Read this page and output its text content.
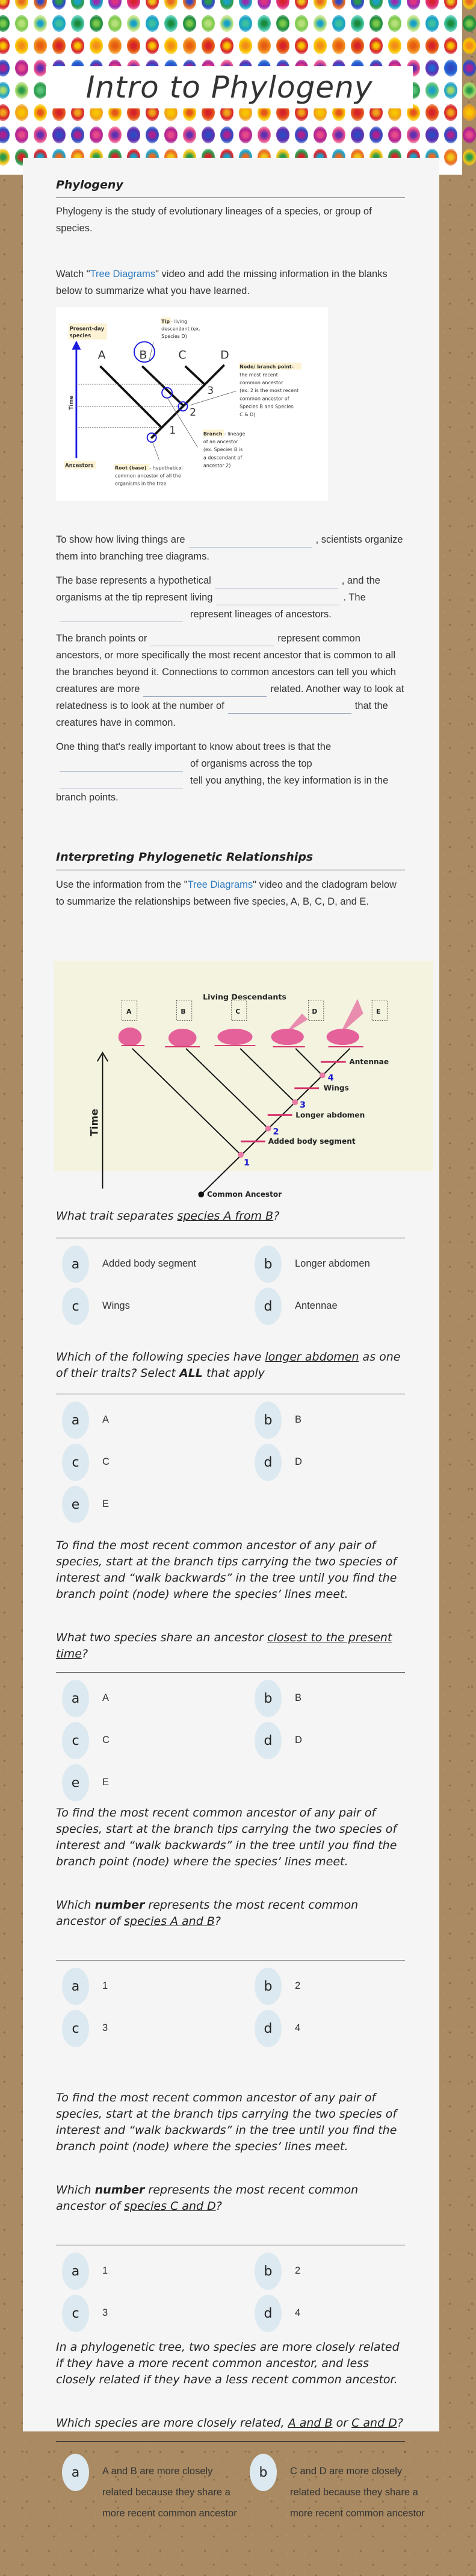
Intro to Phylogeny
Phylogeny

Phylogeny is the study of evolutionary lineages of a species, or group of species.

Watch "Tree Diagrams" video and add the missing information in the blanks below to summarize what you have learned.

Present-day
species
Time
Ancestors
A	B	C	D
3
2
1
Tip - living
descendant (ex.
Species D)
Node/ branch point-
the most recent
common ancestor
(ex. 2 is the most recent
common ancestor of
Species B and Species
C & D)
Branch - lineage
of an ancestor
(ex. Species B is
a descendant of
ancestor 2)
Root (base) - hypothetical
common ancestor of all the
organisms in the tree

To show how living things are	, scientists organize them into branching tree diagrams.

The base represents a hypothetical	, and the organisms at the tip represent living	. The
represent lineages of ancestors.

The branch points or	represent common ancestors, or more specifically the most recent ancestor that is common to all the branches beyond it. Connections to common ancestors can tell you which creatures are more	related. Another way to look at relatedness is to look at the number of	that the creatures have in common.

One thing that's really important to know about trees is that the
of organisms across the top
tell you anything, the key information is in the branch points.

Interpreting Phylogenetic Relationships

Use the information from the "Tree Diagrams" video and the cladogram below to summarize the relationships between five species, A, B, C, D, and E.

Living Descendants
A	B	C	D	E
Time
1
2
3
4
Added body segment
Longer abdomen
Wings
Antennae
Common Ancestor
What trait separates species A from B?
a	Added body segment	b	Longer abdomen
c	Wings	d	Antennae
Which of the following species have longer abdomen as one of their traits? Select ALL that apply
a	A	b	B
c	C	d	D
e	E

To find the most recent common ancestor of any pair of species, start at the branch tips carrying the two species of interest and “walk backwards” in the tree until you find the branch point (node) where the species’ lines meet.

What two species share an ancestor closest to the present time?
a	A	b	B
c	C	d	D
e	E

To find the most recent common ancestor of any pair of species, start at the branch tips carrying the two species of interest and “walk backwards” in the tree until you find the branch point (node) where the species’ lines meet.

Which number represents the most recent common ancestor of species A and B?
a	1	b	2
c	3	d	4

To find the most recent common ancestor of any pair of species, start at the branch tips carrying the two species of interest and “walk backwards” in the tree until you find the branch point (node) where the species’ lines meet.

Which number represents the most recent common ancestor of species C and D?
a	1	b	2
c	3	d	4

In a phylogenetic tree, two species are more closely related if they have a more recent common ancestor, and less closely related if they have a less recent common ancestor.

Which species are more closely related, A and B or C and D?
a	A and B are more closely related because they share a more recent common ancestor
b	C and D are more closely related because they share a more recent common ancestor
